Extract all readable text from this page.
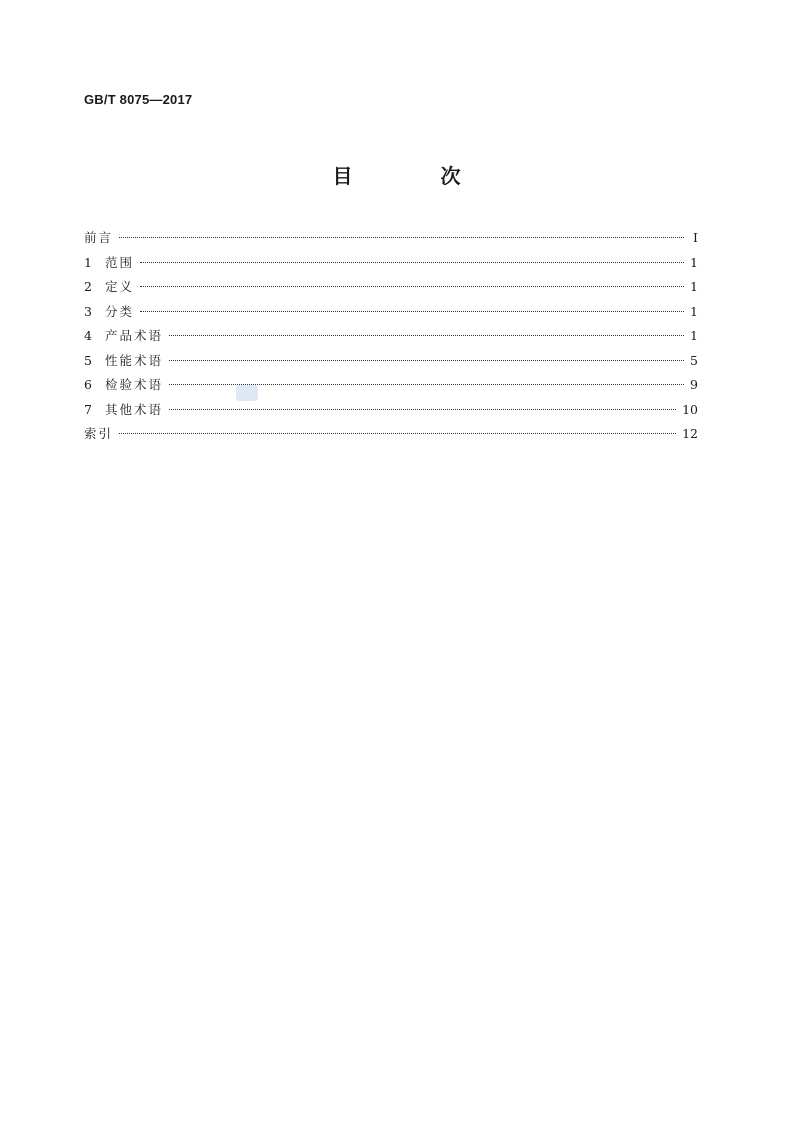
GB/T 8075—2017
目　次
前言	Ⅰ
1	范围	1
2	定义	1
3	分类	1
4	产品术语	1
5	性能术语	5
6	检验术语	9
7	其他术语	10
索引	12
